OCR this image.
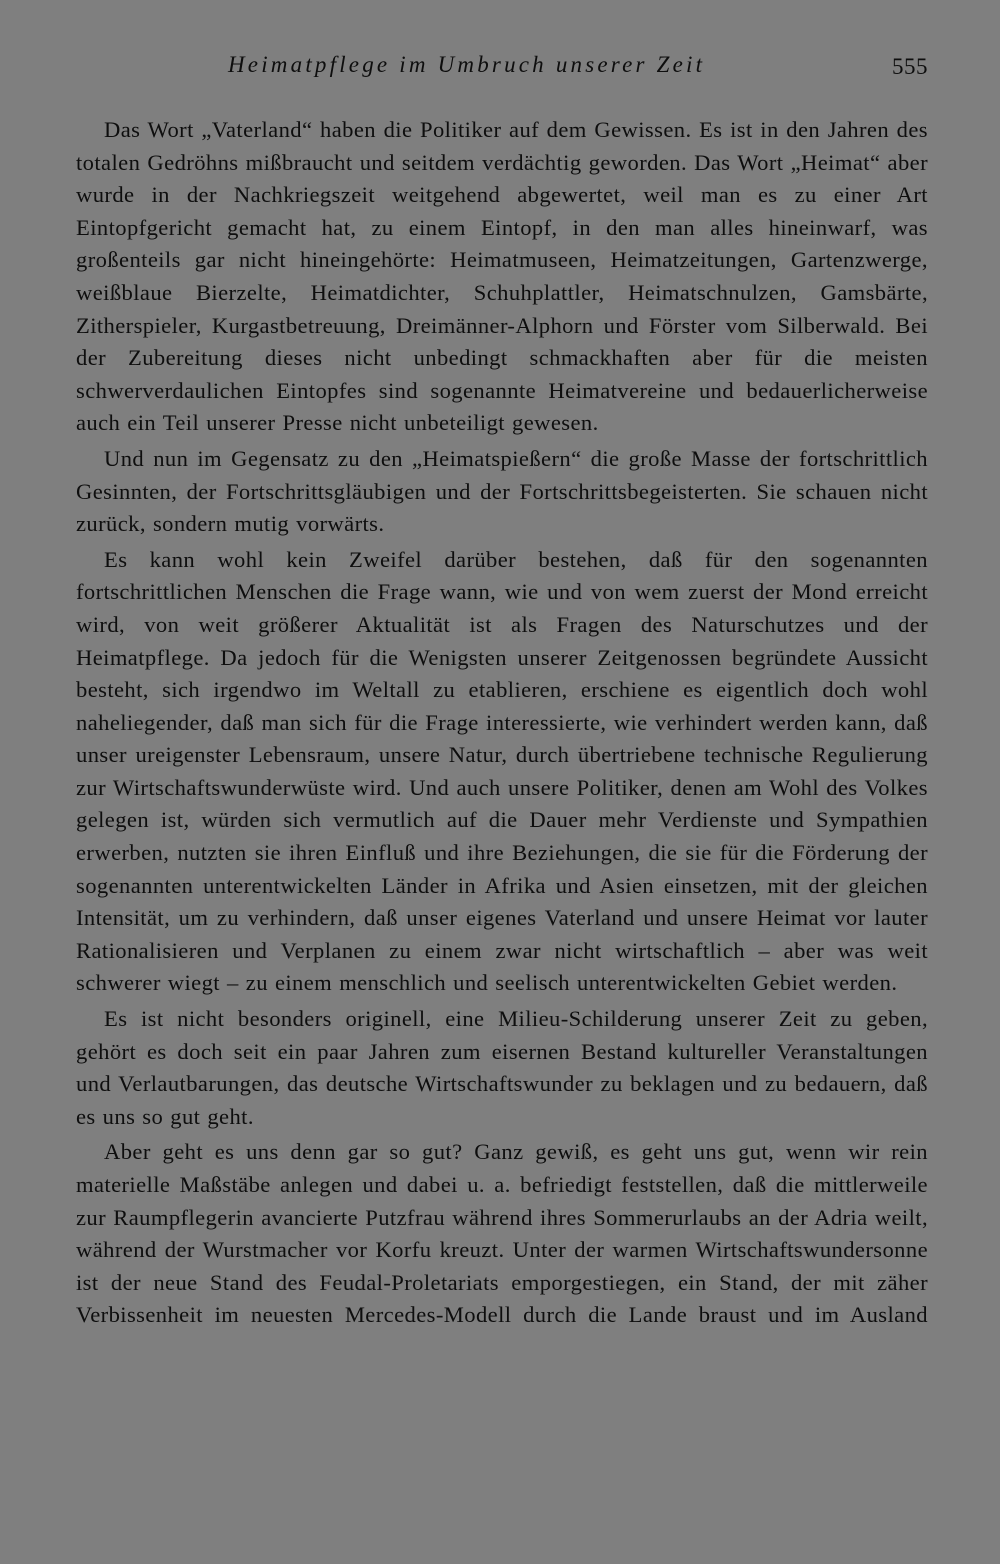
Heimatpflege im Umbruch unserer Zeit	555

Das Wort „Vaterland“ haben die Politiker auf dem Gewissen. Es ist in den Jahren des totalen Gedröhns mißbraucht und seitdem verdächtig geworden. Das Wort „Heimat“ aber wurde in der Nachkriegszeit weitgehend abgewertet, weil man es zu einer Art Eintopfgericht gemacht hat, zu einem Eintopf, in den man alles hineinwarf, was großenteils gar nicht hineingehörte: Heimatmuseen, Heimatzeitungen, Gartenzwerge, weißblaue Bierzelte, Heimatdichter, Schuhplattler, Heimatschnulzen, Gamsbärte, Zitherspieler, Kurgastbetreuung, Dreimänner-Alphorn und Förster vom Silberwald. Bei der Zubereitung dieses nicht unbedingt schmackhaften aber für die meisten schwerverdaulichen Eintopfes sind sogenannte Heimatvereine und bedauerlicherweise auch ein Teil unserer Presse nicht unbeteiligt gewesen.

Und nun im Gegensatz zu den „Heimatspießern“ die große Masse der fortschrittlich Gesinnten, der Fortschrittsgläubigen und der Fortschrittsbegeisterten. Sie schauen nicht zurück, sondern mutig vorwärts.

Es kann wohl kein Zweifel darüber bestehen, daß für den sogenannten fortschrittlichen Menschen die Frage wann, wie und von wem zuerst der Mond erreicht wird, von weit größerer Aktualität ist als Fragen des Naturschutzes und der Heimatpflege. Da jedoch für die Wenigsten unserer Zeitgenossen begründete Aussicht besteht, sich irgendwo im Weltall zu etablieren, erschiene es eigentlich doch wohl naheliegender, daß man sich für die Frage interessierte, wie verhindert werden kann, daß unser ureigenster Lebensraum, unsere Natur, durch übertriebene technische Regulierung zur Wirtschaftswunderwüste wird. Und auch unsere Politiker, denen am Wohl des Volkes gelegen ist, würden sich vermutlich auf die Dauer mehr Verdienste und Sympathien erwerben, nutzten sie ihren Einfluß und ihre Beziehungen, die sie für die Förderung der sogenannten unterentwickelten Länder in Afrika und Asien einsetzen, mit der gleichen Intensität, um zu verhindern, daß unser eigenes Vaterland und unsere Heimat vor lauter Rationalisieren und Verplanen zu einem zwar nicht wirtschaftlich – aber was weit schwerer wiegt – zu einem menschlich und seelisch unterentwickelten Gebiet werden.

Es ist nicht besonders originell, eine Milieu-Schilderung unserer Zeit zu geben, gehört es doch seit ein paar Jahren zum eisernen Bestand kultureller Veranstaltungen und Verlautbarungen, das deutsche Wirtschaftswunder zu beklagen und zu bedauern, daß es uns so gut geht.

Aber geht es uns denn gar so gut? Ganz gewiß, es geht uns gut, wenn wir rein materielle Maßstäbe anlegen und dabei u. a. befriedigt feststellen, daß die mittlerweile zur Raumpflegerin avancierte Putzfrau während ihres Sommerurlaubs an der Adria weilt, während der Wurstmacher vor Korfu kreuzt. Unter der warmen Wirtschaftswundersonne ist der neue Stand des Feudal-Proletariats emporgestiegen, ein Stand, der mit zäher Verbissenheit im neuesten Mercedes-Modell durch die Lande braust und im Ausland
